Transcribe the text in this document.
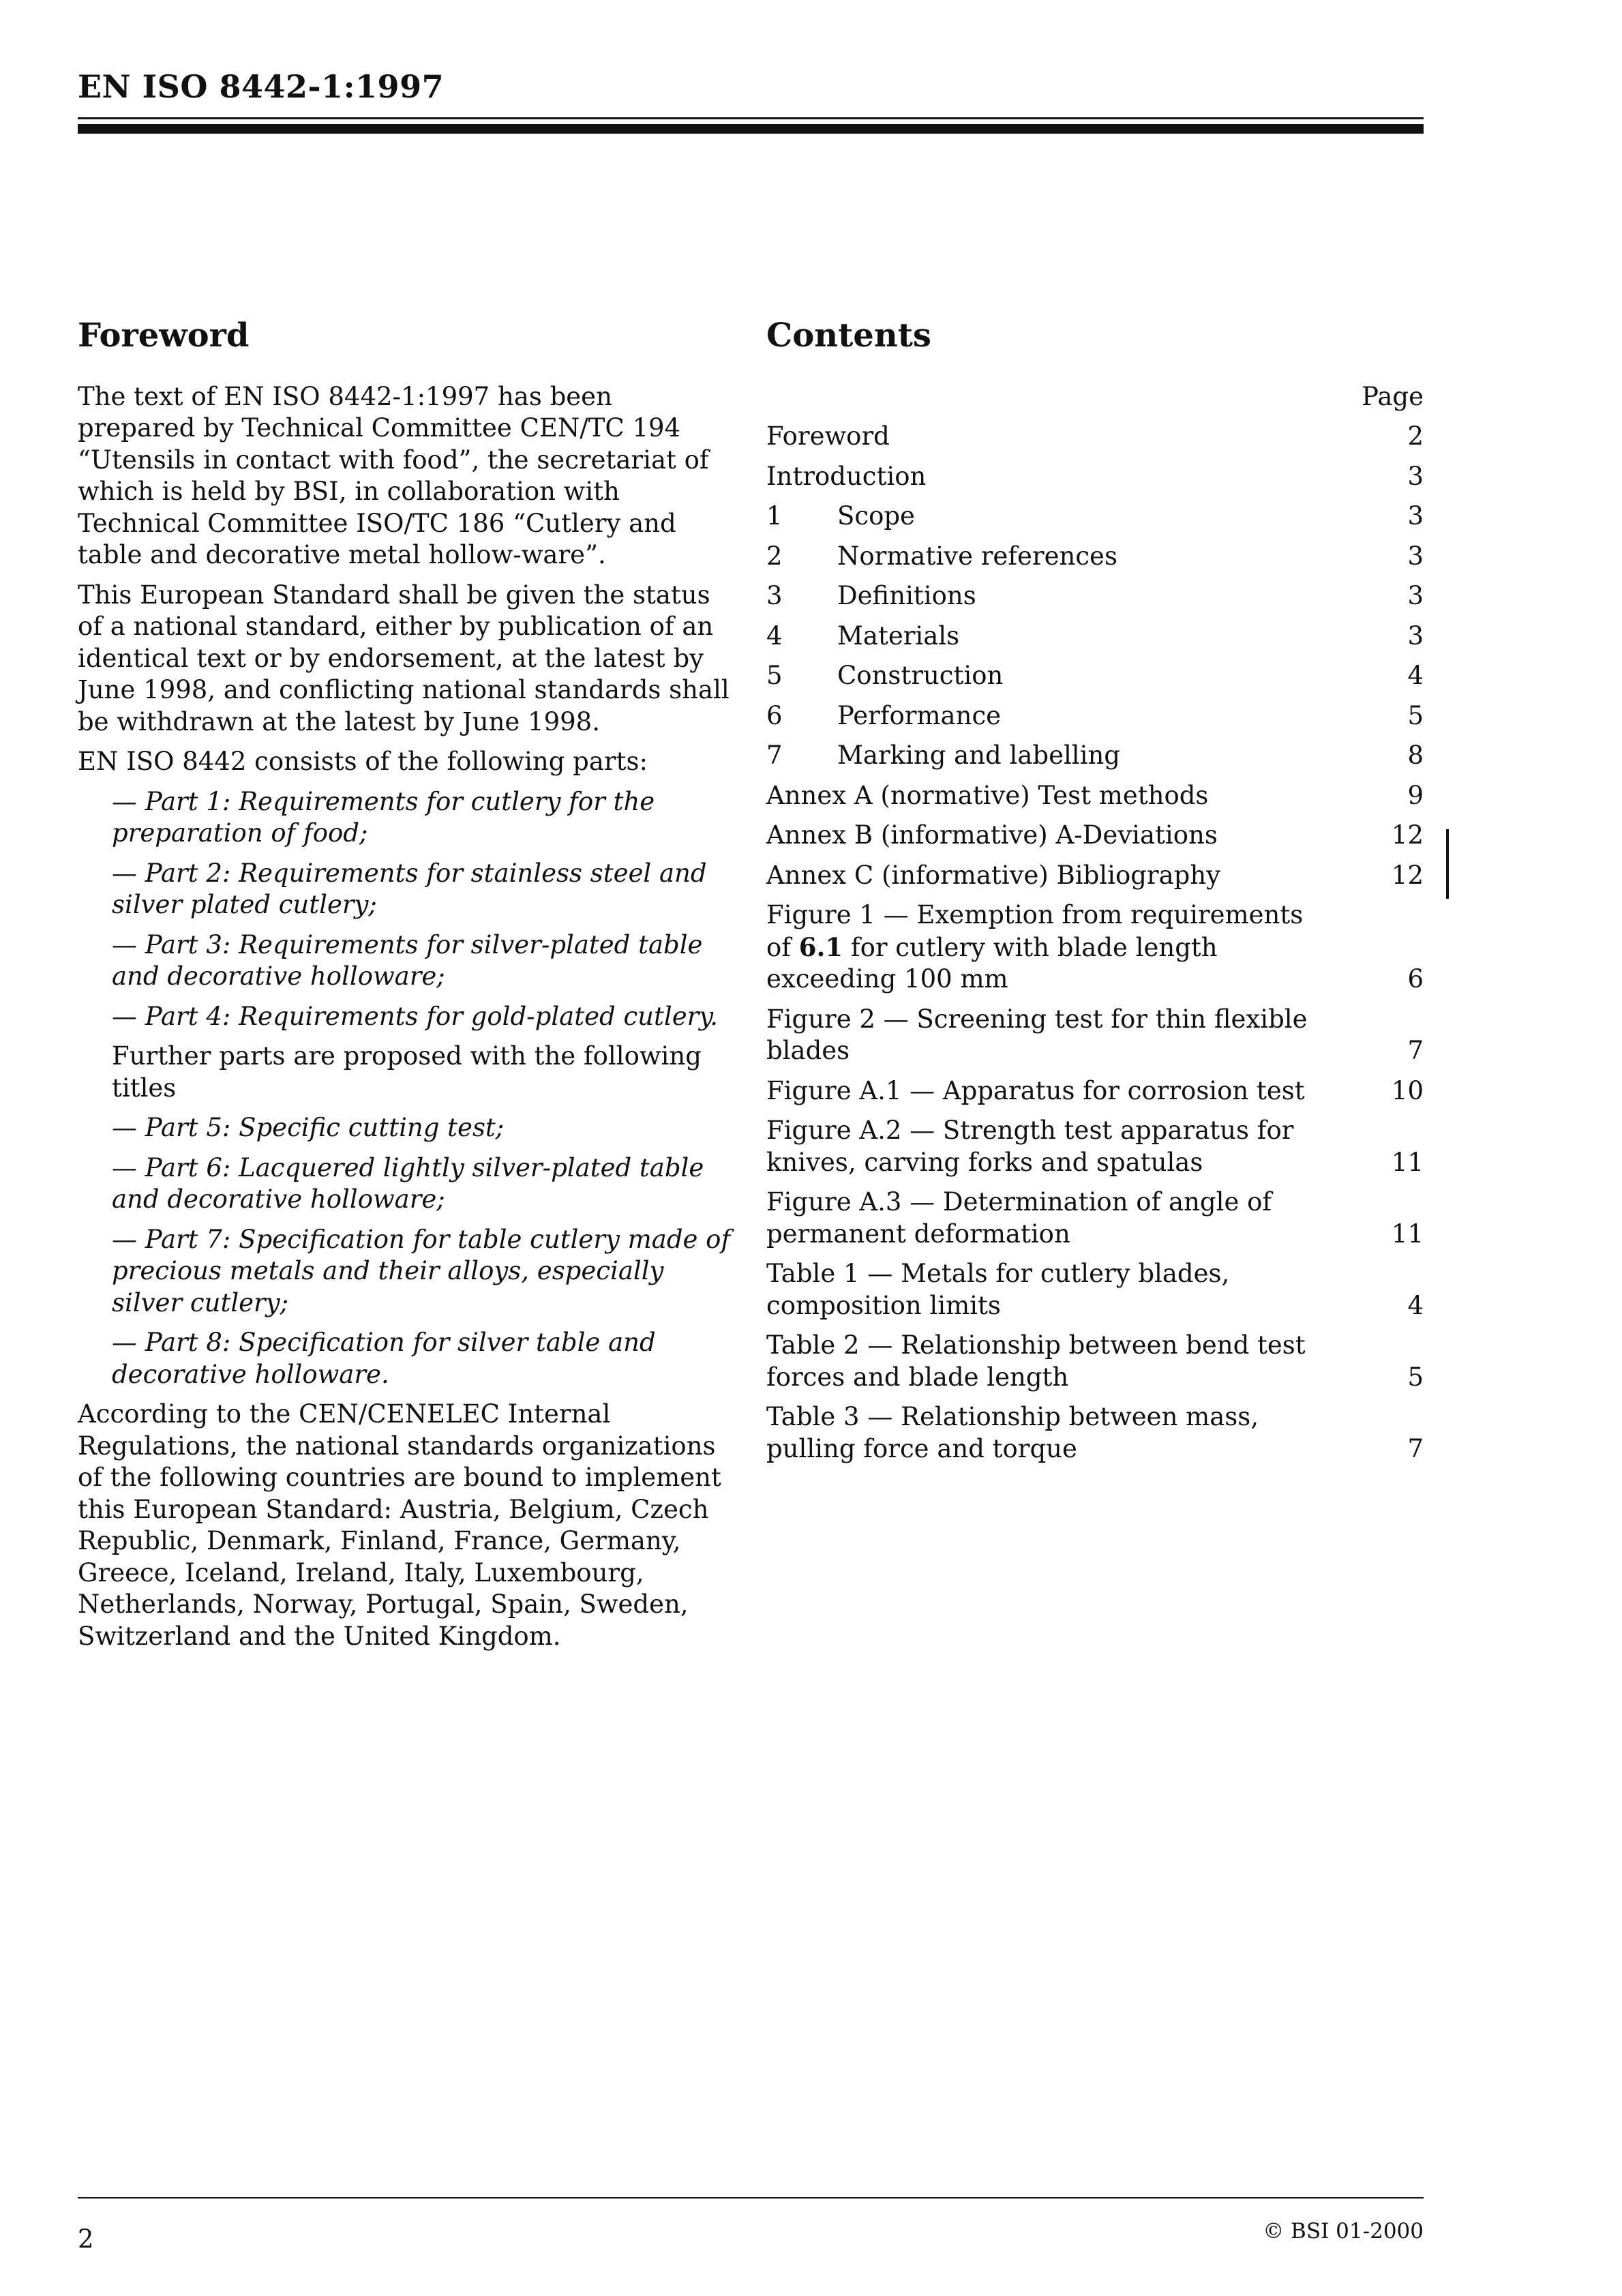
EN ISO 8442-1:1997
Foreword

The text of EN ISO 8442-1:1997 has been prepared by Technical Committee CEN/TC 194 “Utensils in contact with food”, the secretariat of which is held by BSI, in collaboration with Technical Committee ISO/TC 186 “Cutlery and table and decorative metal hollow-ware”.

This European Standard shall be given the status of a national standard, either by publication of an identical text or by endorsement, at the latest by June 1998, and conflicting national standards shall be withdrawn at the latest by June 1998.

EN ISO 8442 consists of the following parts:

— Part 1: Requirements for cutlery for the preparation of food;

— Part 2: Requirements for stainless steel and silver plated cutlery;

— Part 3: Requirements for silver-plated table and decorative holloware;

— Part 4: Requirements for gold-plated cutlery.

Further parts are proposed with the following titles

— Part 5: Specific cutting test;

— Part 6: Lacquered lightly silver-plated table and decorative holloware;

— Part 7: Specification for table cutlery made of precious metals and their alloys, especially silver cutlery;

— Part 8: Specification for silver table and decorative holloware.

According to the CEN/CENELEC Internal Regulations, the national standards organizations of the following countries are bound to implement this European Standard: Austria, Belgium, Czech Republic, Denmark, Finland, France, Germany, Greece, Iceland, Ireland, Italy, Luxembourg, Netherlands, Norway, Portugal, Spain, Sweden, Switzerland and the United Kingdom.

Contents
Page
Foreword	2
Introduction	3
1 Scope	3
2 Normative references	3
3 Definitions	3
4 Materials	3
5 Construction	4
6 Performance	5
7 Marking and labelling	8
Annex A (normative) Test methods	9
Annex B (informative) A-Deviations	12
Annex C (informative) Bibliography	12
Figure 1 — Exemption from requirements of 6.1 for cutlery with blade length exceeding 100 mm	6
Figure 2 — Screening test for thin flexible blades	7
Figure A.1 — Apparatus for corrosion test	10
Figure A.2 — Strength test apparatus for knives, carving forks and spatulas	11
Figure A.3 — Determination of angle of permanent deformation	11
Table 1 — Metals for cutlery blades, composition limits	4
Table 2 — Relationship between bend test forces and blade length	5
Table 3 — Relationship between mass, pulling force and torque	7
2	© BSI 01-2000
